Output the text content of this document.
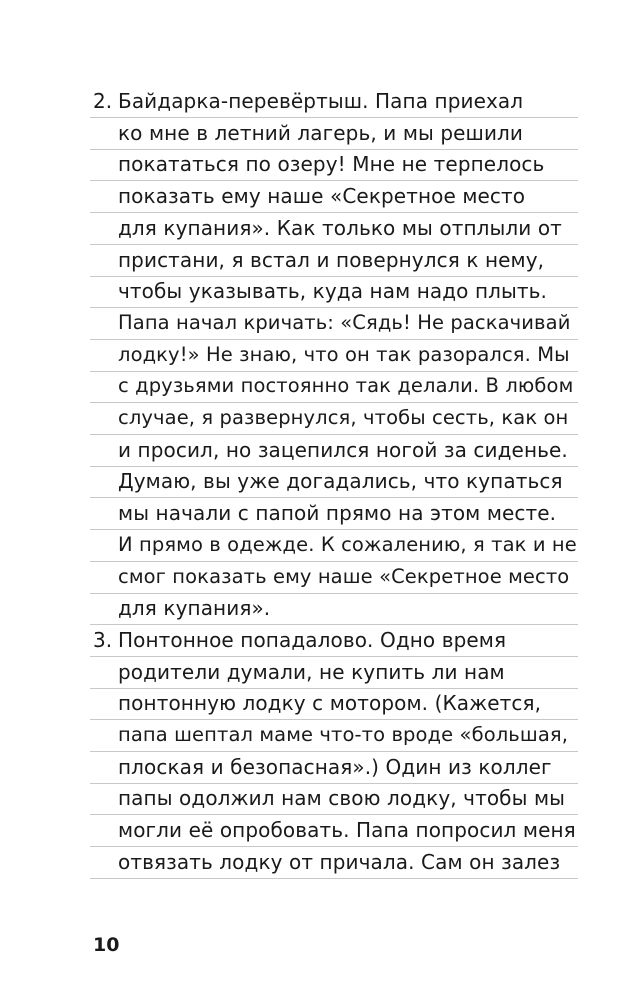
2. Байдарка-перевёртыш. Папа приехал
ко мне в летний лагерь, и мы решили
покататься по озеру! Мне не терпелось
показать ему наше «Секретное место
для купания». Как только мы отплыли от
пристани, я встал и повернулся к нему,
чтобы указывать, куда нам надо плыть.
Папа начал кричать: «Сядь! Не раскачивай
лодку!» Не знаю, что он так разорался. Мы
с друзьями постоянно так делали. В любом
случае, я развернулся, чтобы сесть, как он
и просил, но зацепился ногой за сиденье.
Думаю, вы уже догадались, что купаться
мы начали с папой прямо на этом месте.
И прямо в одежде. К сожалению, я так и не
смог показать ему наше «Секретное место
для купания».
3. Понтонное попадалово. Одно время
родители думали, не купить ли нам
понтонную лодку с мотором. (Кажется,
папа шептал маме что-то вроде «большая,
плоская и безопасная».) Один из коллег
папы одолжил нам свою лодку, чтобы мы
могли её опробовать. Папа попросил меня
отвязать лодку от причала. Сам он залез
10
